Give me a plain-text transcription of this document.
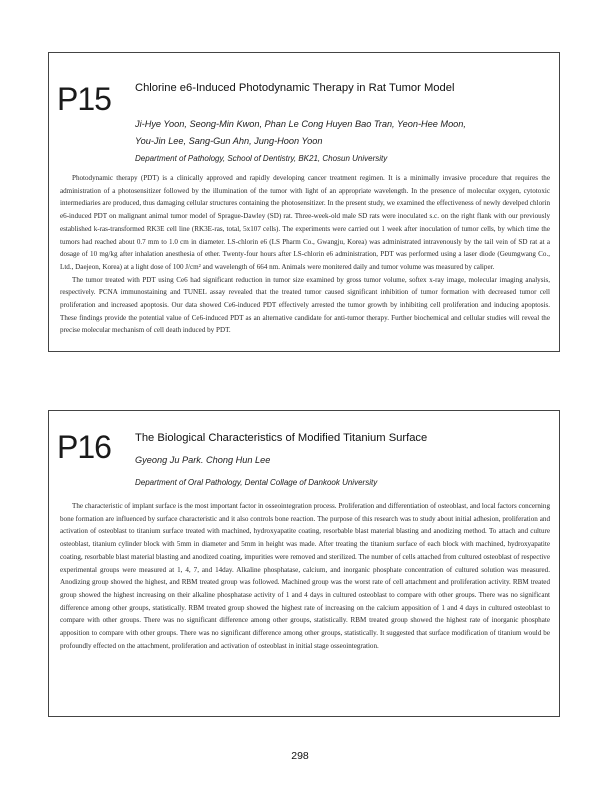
P15 Chlorine e6-Induced Photodynamic Therapy in Rat Tumor Model
Ji-Hye Yoon, Seong-Min Kwon, Phan Le Cong Huyen Bao Tran, Yeon-Hee Moon,
You-Jin Lee, Sang-Gun Ahn, Jung-Hoon Yoon
Department of Pathology, School of Dentistry, BK21, Chosun University

Photodynamic therapy (PDT) is a clinically approved and rapidly developing cancer treatment regimen. It is a minimally invasive procedure that requires the administration of a photosensitizer followed by the illumination of the tumor with light of an appropriate wavelength. In the presence of molecular oxygen, cytotoxic intermediaries are produced, thus damaging cellular structures containing the photosensitizer. In the present study, we examined the effectiveness of newly develped chlorin e6-induced PDT on malignant animal tumor model of Sprague-Dawley (SD) rat. Three-week-old male SD rats were inoculated s.c. on the right flank with our previously established k-ras-transformed RK3E cell line (RK3E-ras, total, 5x107 cells). The experiments were carried out 1 week after inoculation of tumor cells, by which time the tumors had reached about 0.7 mm to 1.0 cm in diameter. LS-chlorin e6 (LS Pharm Co., Gwangju, Korea) was administrated intravenously by the tail vein of SD rat at a dosage of 10 mg/kg after inhalation anesthesia of ether. Twenty-four hours after LS-chlorin e6 administration, PDT was performed using a laser diode (Geumgwang Co., Ltd., Daejeon, Korea) at a light dose of 100 J/cm² and wavelength of 664 nm. Animals were monitered daily and tumor volume was measured by caliper.

The tumor treated with PDT using Ce6 had significant reduction in tumor size examined by gross tumor volume, softex x-ray image, molecular imaging analysis, respectively. PCNA immunostaining and TUNEL assay revealed that the treated tumor caused significant inhibition of tumor formation with decreased tumor cell proliferation and increased apoptosis. Our data showed Ce6-induced PDT effectively arrested the tumor growth by inhibiting cell proliferation and inducing apoptosis. These findings provide the potential value of Ce6-induced PDT as an alternative candidate for anti-tumor therapy. Further biochemical and cellular studies will reveal the precise molecular mechanism of cell death induced by PDT.

P16 The Biological Characteristics of Modified Titanium Surface
Gyeong Ju Park. Chong Hun Lee
Department of Oral Pathology, Dental Collage of Dankook University

The characteristic of implant surface is the most important factor in osseointegration process. Proliferation and differentiation of osteoblast, and local factors concerning bone formation are influenced by surface characteristic and it also controls bone reaction. The purpose of this research was to study about initial adhesion, proliferation and activation of osteoblast to titanium surface treated with machined, hydroxyapatite coating, resorbable blast material blasting and anodizing method. To attach and culture osteoblast, titanium cylinder block with 5mm in diameter and 5mm in height was made. After treating the titanium surface of each block with machined, hydroxyapatite coating, resorbable blast material blasting and anodized coating, impurities were removed and sterilized. The number of cells attached from cultured osteoblast of respective experimental groups were measured at 1, 4, 7, and 14day. Alkaline phosphatase, calcium, and inorganic phosphate concentration of cultured solution was measured. Anodizing group showed the highest, and RBM treated group was followed. Machined group was the worst rate of cell attachment and proliferation activity. RBM treated group showed the highest increasing on their alkaline phosphatase activity of 1 and 4 days in cultured osteoblast to compare with other groups. There was no significant difference among other groups, statistically. RBM treated group showed the highest rate of increasing on the calcium apposition of 1 and 4 days in cultured osteoblast to compare with other groups. There was no significant difference among other groups, statistically. RBM treated group showed the highest rate of inorganic phosphate apposition to compare with other groups. There was no significant difference among other groups, statistically. It suggested that surface modification of titanium would be profoundly effected on the attachment, proliferation and activation of osteoblast in initial stage osseointegration.

298
